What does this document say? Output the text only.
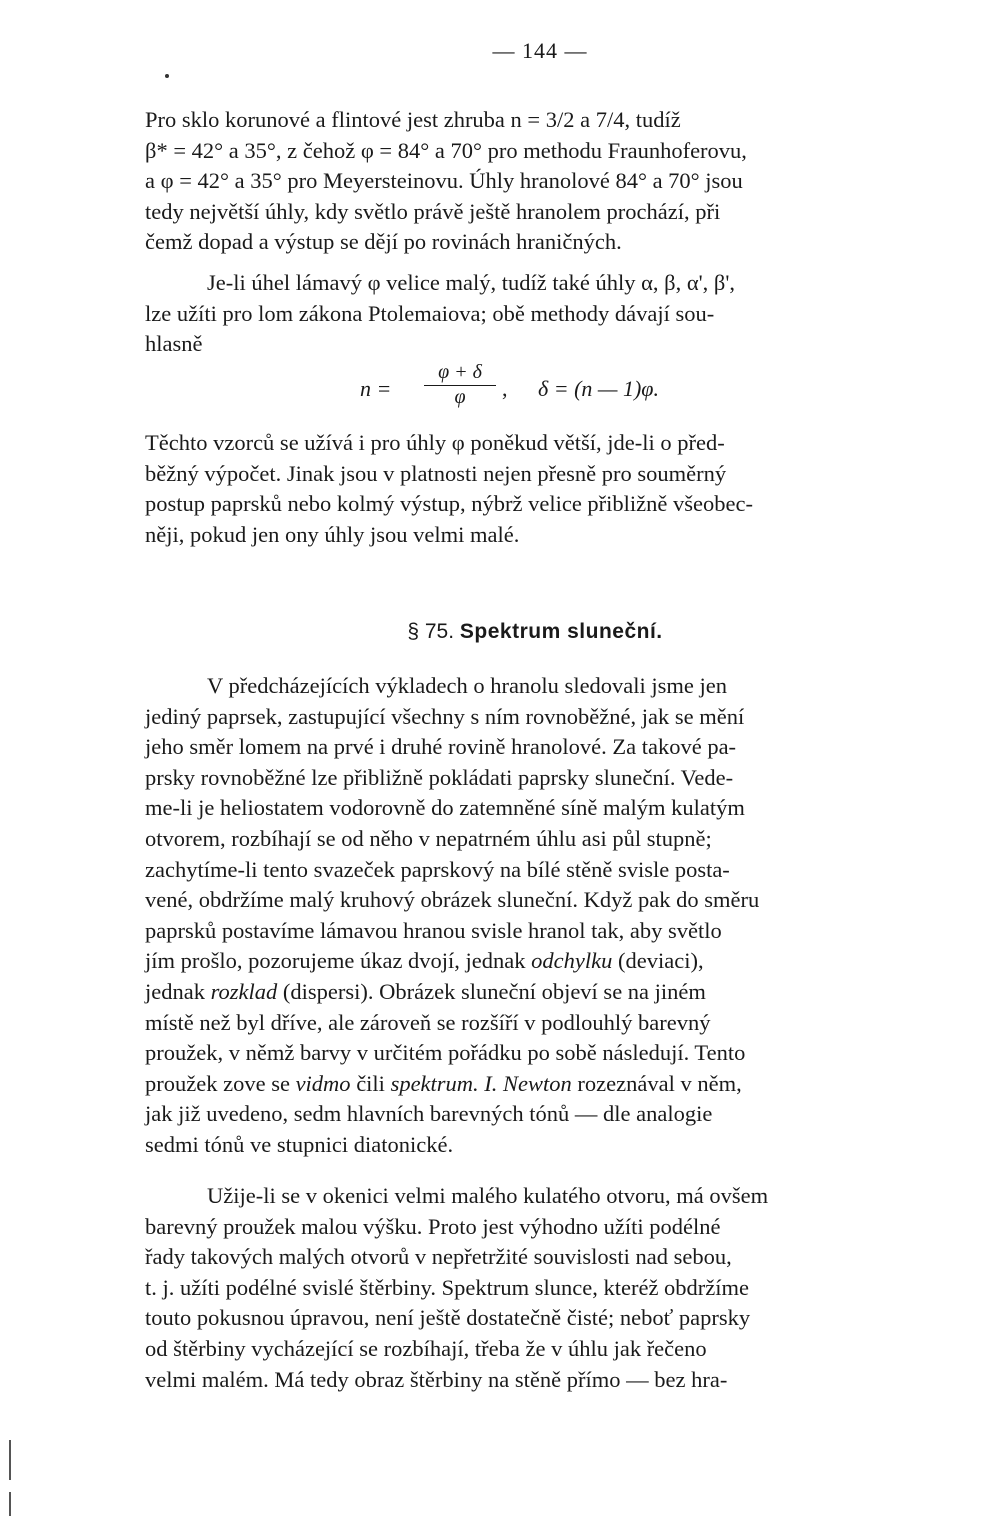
— 144 —

Pro sklo korunové a flintové jest zhruba n = 3/2 a 7/4, tudíž

β* = 42° a 35°, z čehož φ = 84° a 70° pro methodu Fraunhoferovu,

a φ = 42° a 35° pro Meyersteinovu. Úhly hranolové 84° a 70° jsou

tedy největší úhly, kdy světlo právě ještě hranolem prochází, při

čemž dopad a výstup se dějí po rovinách hraničných.

Je-li úhel lámavý φ velice malý, tudíž také úhly α, β, α', β',

lze užíti pro lom zákona Ptolemaiova; obě methody dávají sou-

hlasně

n =
φ + δ
φ	, δ = (n — 1)φ.

Těchto vzorců se užívá i pro úhly φ poněkud větší, jde-li o před-

běžný výpočet. Jinak jsou v platnosti nejen přesně pro souměrný

postup paprsků nebo kolmý výstup, nýbrž velice přibližně všeobec-

něji, pokud jen ony úhly jsou velmi malé.

§ 75. Spektrum sluneční.

V předcházejících výkladech o hranolu sledovali jsme jen

jediný paprsek, zastupující všechny s ním rovnoběžné, jak se mění

jeho směr lomem na prvé i druhé rovině hranolové. Za takové pa-

prsky rovnoběžné lze přibližně pokládati paprsky sluneční. Vede-

me-li je heliostatem vodorovně do zatemněné síně malým kulatým

otvorem, rozbíhají se od něho v nepatrném úhlu asi půl stupně;

zachytíme-li tento svazeček paprskový na bílé stěně svisle posta-

vené, obdržíme malý kruhový obrázek sluneční. Když pak do směru

paprsků postavíme lámavou hranou svisle hranol tak, aby světlo

jím prošlo, pozorujeme úkaz dvojí, jednak odchylku (deviaci),

jednak rozklad (dispersi). Obrázek sluneční objeví se na jiném

místě než byl dříve, ale zároveň se rozšíří v podlouhlý barevný

proužek, v němž barvy v určitém pořádku po sobě následují. Tento

proužek zove se vidmo čili spektrum. I. Newton rozeznával v něm,

jak již uvedeno, sedm hlavních barevných tónů — dle analogie

sedmi tónů ve stupnici diatonické.

Užije-li se v okenici velmi malého kulatého otvoru, má ovšem

barevný proužek malou výšku. Proto jest výhodno užíti podélné

řady takových malých otvorů v nepřetržité souvislosti nad sebou,

t. j. užíti podélné svislé štěrbiny. Spektrum slunce, kteréž obdržíme

touto pokusnou úpravou, není ještě dostatečně čisté; neboť paprsky

od štěrbiny vycházející se rozbíhají, třeba že v úhlu jak řečeno

velmi malém. Má tedy obraz štěrbiny na stěně přímo — bez hra-
